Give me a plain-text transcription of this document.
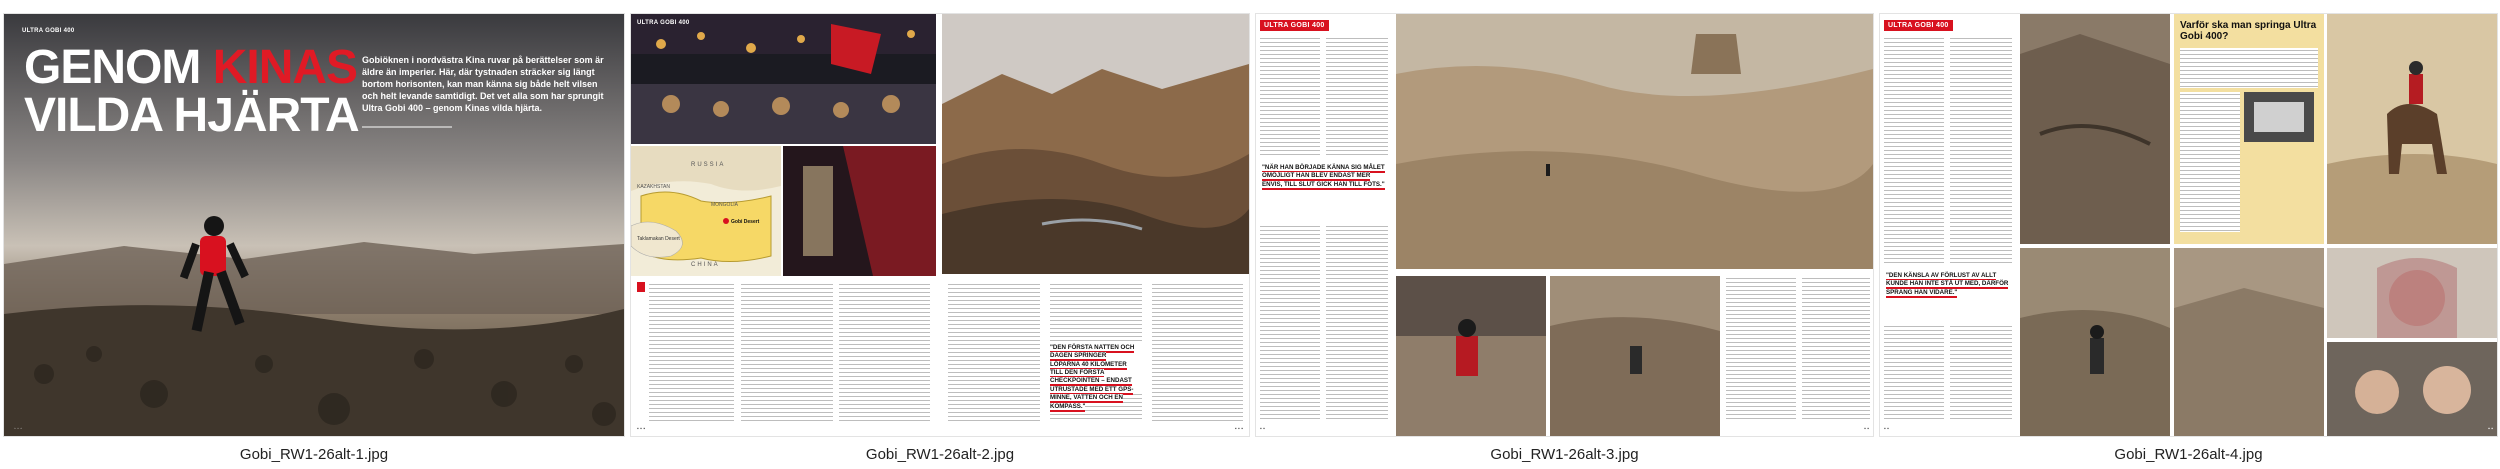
ULTRA GOBI 400
GENOM KINAS
VILDA HJÄRTA
Gobiöknen i nordvästra Kina ruvar på berättelser som är äldre än imperier. Här, där tystnaden sträcker sig längt bortom horisonten, kan man känna sig både helt vilsen och helt levande samtidigt. Det vet alla som har sprungit Ultra Gobi 400 – genom Kinas vilda hjärta.
◦ ◦ ◦
Gobi_RW1-26alt-1.jpg
ULTRA GOBI 400
RUSSIA
KAZAKHSTAN
MONGOLIA
Gobi Desert
Taklamakan Desert
CHINA
▪ ▪ ▪
"DEN FÖRSTA NATTEN OCH DAGEN SPRINGER LÖPARNA 40 KILOMETER TILL DEN FÖRSTA CHECKPOINTEN – ENDAST UTRUSTADE MED ETT GPS-MINNE, VATTEN OCH EN KOMPASS."
▪ ▪ ▪
Gobi_RW1-26alt-2.jpg
ULTRA GOBI 400
"NÄR HAN BÖRJADE KÄNNA SIG MÅLET OMÖJLIGT HAN BLEV ENDAST MER ENVIS, TILL SLUT GICK HAN TILL FOTS."
▪ ▪	▪ ▪
Gobi_RW1-26alt-3.jpg
ULTRA GOBI 400
"DEN KÄNSLA AV FÖRLUST AV ALLT KUNDE HAN INTE STÅ UT MED, DÄRFÖR SPRANG HAN VIDARE."
▪ ▪
Varför ska man springa Ultra Gobi 400?
▪ ▪
Gobi_RW1-26alt-4.jpg
